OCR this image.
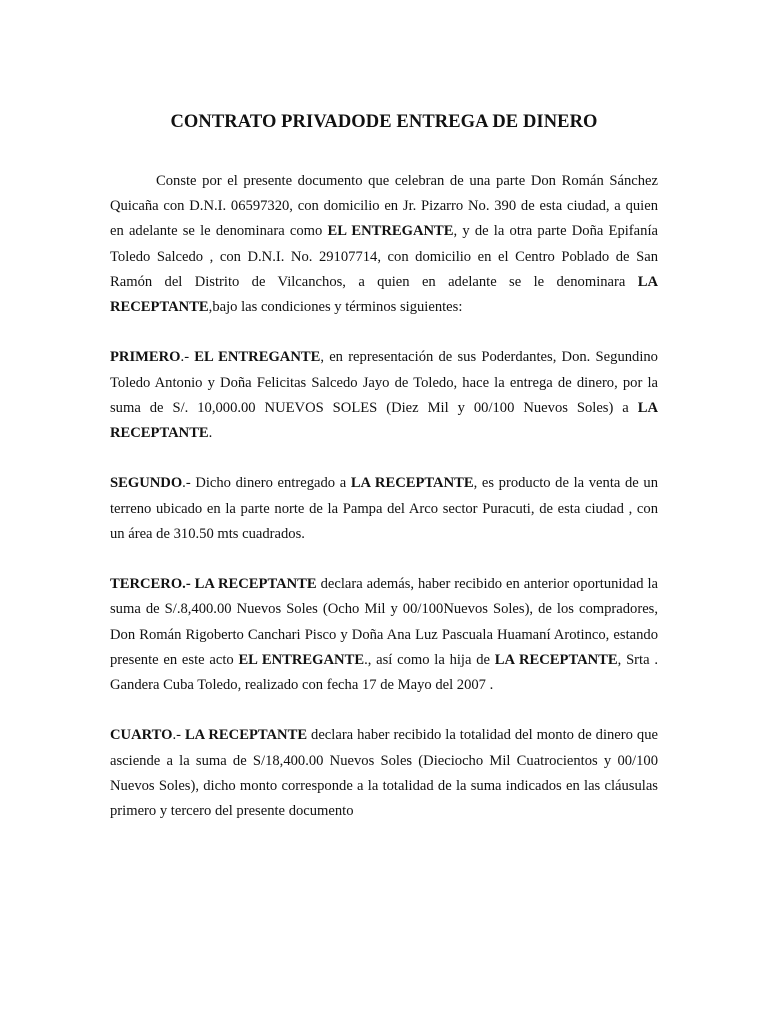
CONTRATO PRIVADODE ENTREGA DE DINERO

Conste por el presente documento que celebran de una parte Don Román Sánchez Quicaña con D.N.I. 06597320, con domicilio en Jr. Pizarro No. 390 de esta ciudad, a quien en adelante se le denominara como EL ENTREGANTE, y de la otra parte Doña Epifanía Toledo Salcedo , con D.N.I. No. 29107714, con domicilio en el Centro Poblado de San Ramón del Distrito de Vilcanchos, a quien en adelante se le denominara LA RECEPTANTE,bajo las condiciones y términos siguientes:

PRIMERO.- EL ENTREGANTE, en representación de sus Poderdantes, Don. Segundino Toledo Antonio y Doña Felicitas Salcedo Jayo de Toledo, hace la entrega de dinero, por la suma de S/. 10,000.00 NUEVOS SOLES (Diez Mil y 00/100 Nuevos Soles) a LA RECEPTANTE.

SEGUNDO.- Dicho dinero entregado a LA RECEPTANTE, es producto de la venta de un terreno ubicado en la parte norte de la Pampa del Arco sector Puracuti, de esta ciudad , con un área de 310.50 mts cuadrados.

TERCERO.- LA RECEPTANTE declara además, haber recibido en anterior oportunidad la suma de S/.8,400.00 Nuevos Soles (Ocho Mil y 00/100Nuevos Soles), de los compradores, Don Román Rigoberto Canchari Pisco y Doña Ana Luz Pascuala Huamaní Arotinco, estando presente en este acto EL ENTREGANTE., así como la hija de LA RECEPTANTE, Srta . Gandera Cuba Toledo, realizado con fecha 17 de Mayo del 2007 .

CUARTO.- LA RECEPTANTE declara haber recibido la totalidad del monto de dinero que asciende a la suma de S/18,400.00 Nuevos Soles (Dieciocho Mil Cuatrocientos y 00/100 Nuevos Soles), dicho monto corresponde a la totalidad de la suma indicados en las cláusulas primero y tercero del presente documento
